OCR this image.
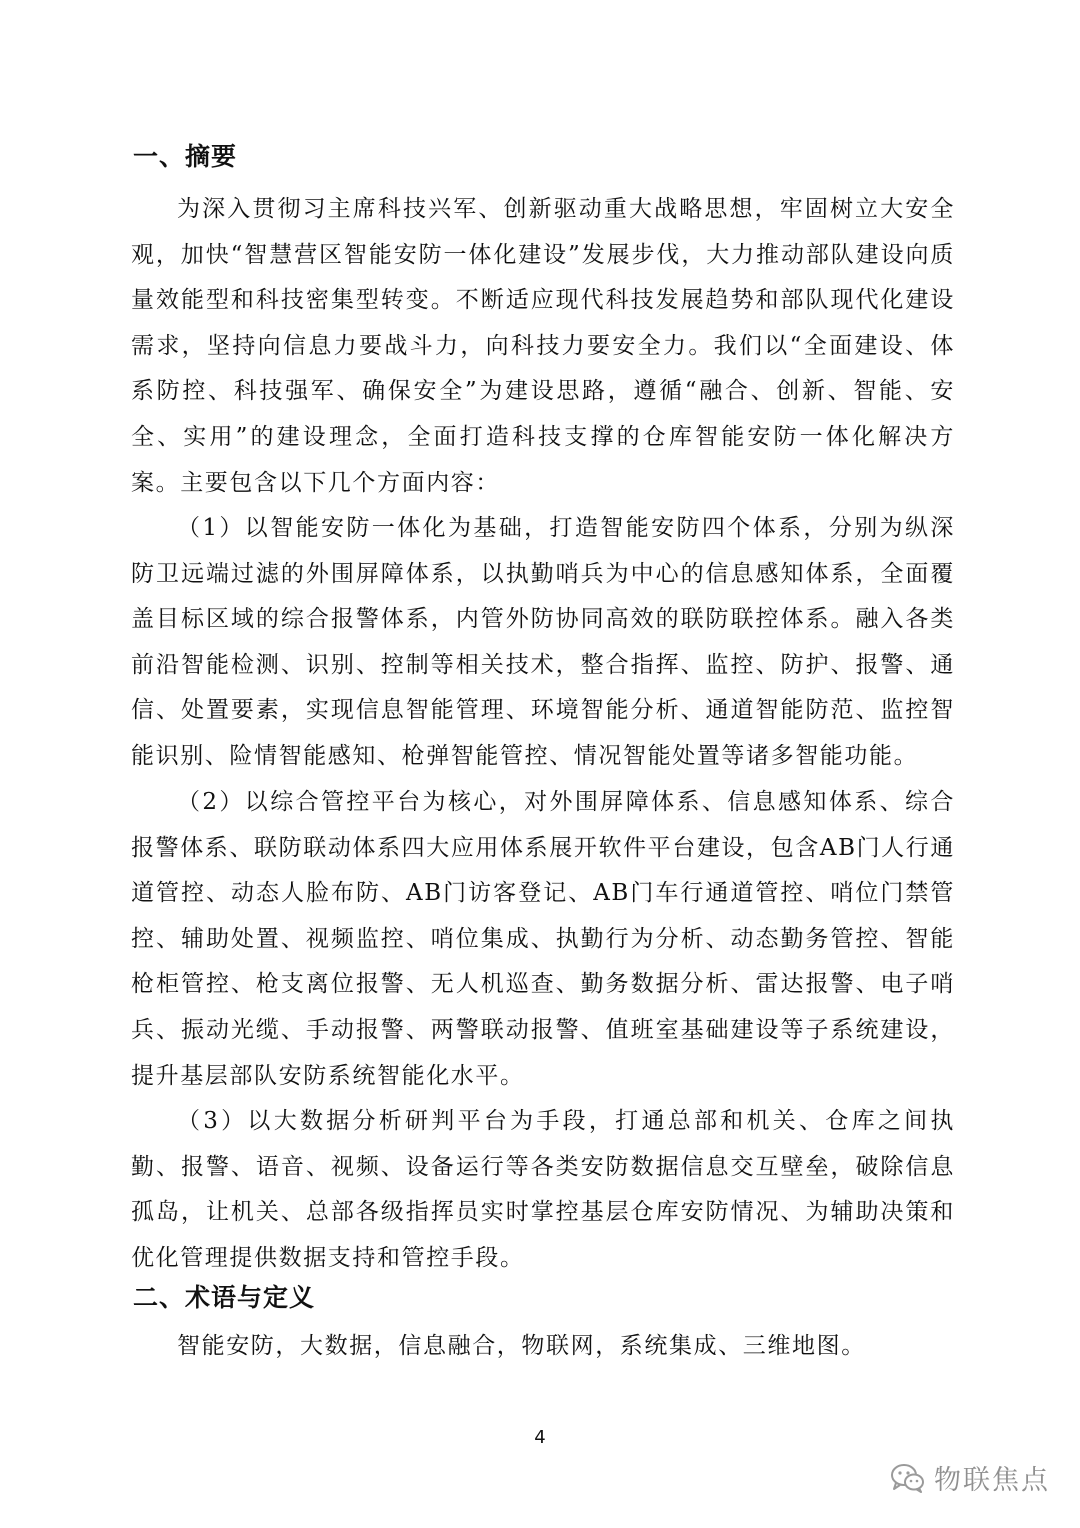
一、摘要

为深入贯彻习主席科技兴军、创新驱动重大战略思想，牢固树立大安全观，加快“智慧营区智能安防一体化建设”发展步伐，大力推动部队建设向质量效能型和科技密集型转变。不断适应现代科技发展趋势和部队现代化建设需求，坚持向信息力要战斗力，向科技力要安全力。我们以“全面建设、体系防控、科技强军、确保安全”为建设思路，遵循“融合、创新、智能、安全、实用”的建设理念，全面打造科技支撑的仓库智能安防一体化解决方案。主要包含以下几个方面内容：

（1）以智能安防一体化为基础，打造智能安防四个体系，分别为纵深防卫远端过滤的外围屏障体系，以执勤哨兵为中心的信息感知体系，全面覆盖目标区域的综合报警体系，内管外防协同高效的联防联控体系。融入各类前沿智能检测、识别、控制等相关技术，整合指挥、监控、防护、报警、通信、处置要素，实现信息智能管理、环境智能分析、通道智能防范、监控智能识别、险情智能感知、枪弹智能管控、情况智能处置等诸多智能功能。

（2）以综合管控平台为核心，对外围屏障体系、信息感知体系、综合报警体系、联防联动体系四大应用体系展开软件平台建设，包含AB门人行通道管控、动态人脸布防、AB门访客登记、AB门车行通道管控、哨位门禁管控、辅助处置、视频监控、哨位集成、执勤行为分析、动态勤务管控、智能枪柜管控、枪支离位报警、无人机巡查、勤务数据分析、雷达报警、电子哨兵、振动光缆、手动报警、两警联动报警、值班室基础建设等子系统建设，提升基层部队安防系统智能化水平。

（3）以大数据分析研判平台为手段，打通总部和机关、仓库之间执勤、报警、语音、视频、设备运行等各类安防数据信息交互壁垒，破除信息孤岛，让机关、总部各级指挥员实时掌控基层仓库安防情况、为辅助决策和优化管理提供数据支持和管控手段。

二、术语与定义

智能安防，大数据，信息融合，物联网，系统集成、三维地图。

4

物联焦点
